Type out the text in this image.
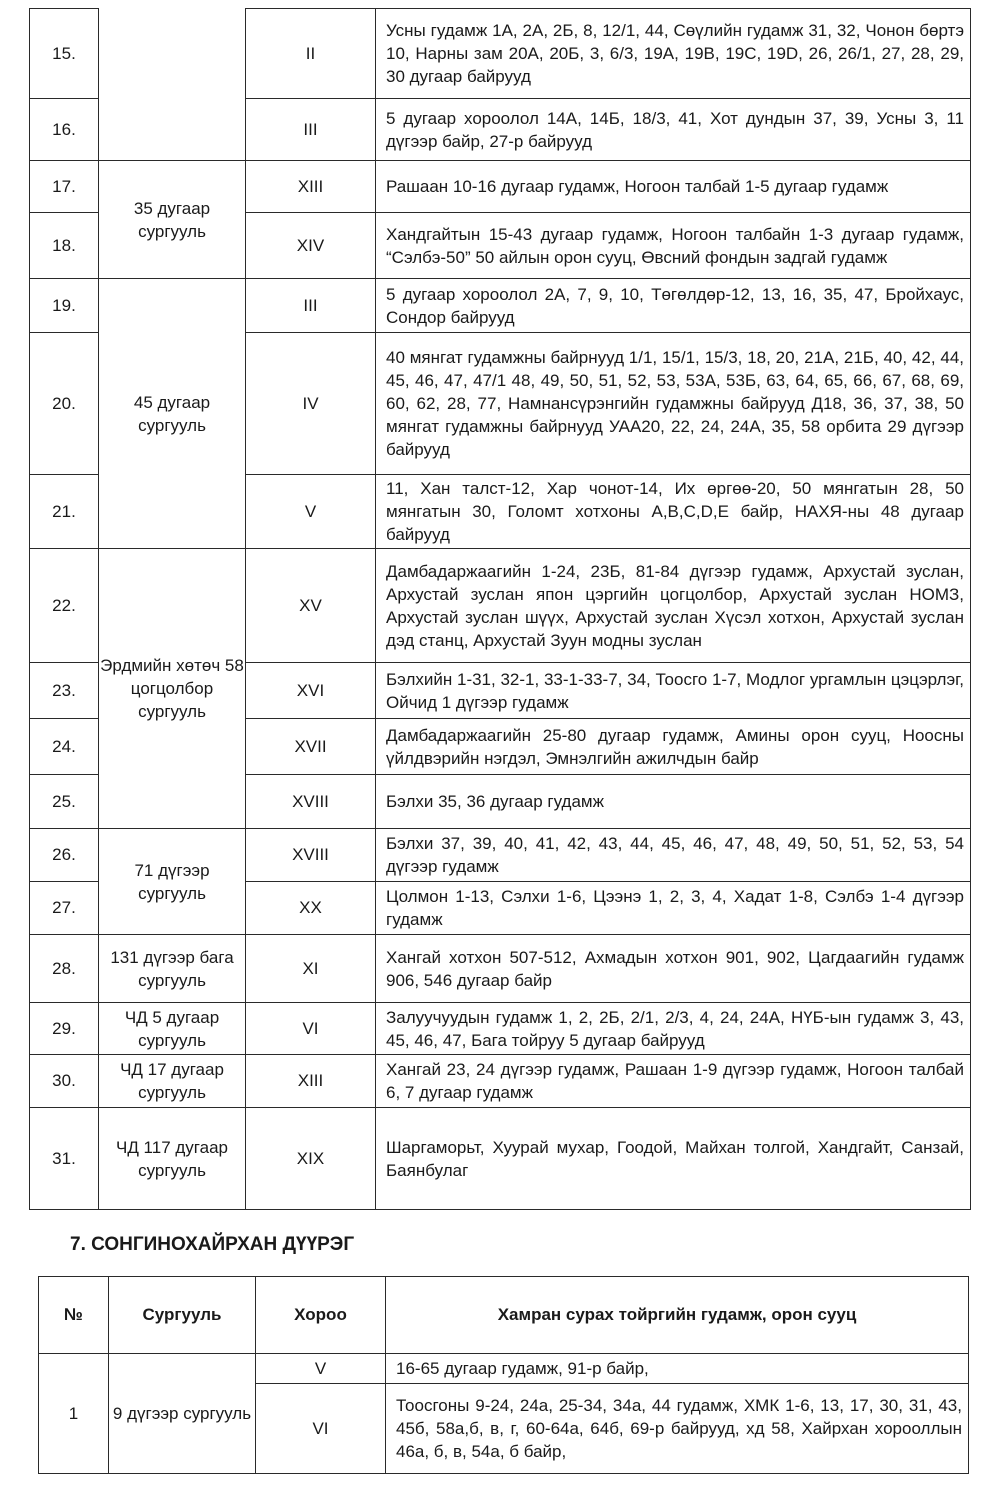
15.		II	Усны гудамж 1А, 2А, 2Б, 8, 12/1, 44, Сөүлийн гудамж 31, 32, Чонон бөртэ 10, Нарны зам 20А, 20Б, 3, 6/3, 19А, 19В, 19С, 19D, 26, 26/1, 27, 28, 29, 30 дугаар байрууд
16.		III	5 дугаар хороолол 14А, 14Б, 18/3, 41, Хот дундын 37, 39, Усны 3, 11 дүгээр байр, 27-р байрууд
17.	35 дугаар сургууль	XIII	Рашаан 10-16 дугаар гудамж, Ногоон талбай 1-5 дугаар гудамж
18.		XIV	Хандгайтын 15-43 дугаар гудамж, Ногоон талбайн 1-3 дугаар гудамж, “Сэлбэ-50” 50 айлын орон сууц, Өвсний фондын задгай гудамж
19.	45 дугаар сургууль	III	5 дугаар хороолол 2А, 7, 9, 10, Төгөлдөр-12, 13, 16, 35, 47, Бройхаус, Сондор байрууд
20.		IV	40 мянгат гудамжны байрнууд 1/1, 15/1, 15/3, 18, 20, 21А, 21Б, 40, 42, 44, 45, 46, 47, 47/1 48, 49, 50, 51, 52, 53, 53А, 53Б, 63, 64, 65, 66, 67, 68, 69, 60, 62, 28, 77, Намнансүрэнгийн гудамжны байрууд Д18, 36, 37, 38, 50 мянгат гудамжны байрнууд УАА20, 22, 24, 24А, 35, 58 орбита 29 дүгээр байрууд
21.		V	11, Хан талст-12, Хар чонот-14, Их өргөө-20, 50 мянгатын 28, 50 мянгатын 30, Голомт хотхоны A,B,C,D,E байр, НАХЯ-ны 48 дугаар байрууд
22.	Эрдмийн хөтөч 58 цогцолбор сургууль	XV	Дамбадаржаагийн 1-24, 23Б, 81-84 дүгээр гудамж, Архустай зуслан, Архустай зуслан япон цэргийн цогцолбор, Архустай зуслан НОМЗ, Архустай зуслан шүүх, Архустай зуслан Хүсэл хотхон, Архустай зуслан дэд станц, Архустай Зуун модны зуслан
23.		XVI	Бэлхийн 1-31, 32-1, 33-1-33-7, 34, Тоосго 1-7, Модлог ургамлын цэцэрлэг, Ойчид 1 дүгээр гудамж
24.		XVII	Дамбадаржаагийн 25-80 дугаар гудамж, Амины орон сууц, Ноосны үйлдвэрийн нэгдэл, Эмнэлгийн ажилчдын байр
25.		XVIII	Бэлхи 35, 36 дугаар гудамж
26.	71 дүгээр сургууль	XVIII	Бэлхи 37, 39, 40, 41, 42, 43, 44, 45, 46, 47, 48, 49, 50, 51, 52, 53, 54 дүгээр гудамж
27.		XX	Цолмон 1-13, Сэлхи 1-6, Цээнэ 1, 2, 3, 4, Хадат 1-8, Сэлбэ 1-4 дүгээр гудамж
28.	131 дүгээр бага сургууль	XI	Хангай хотхон 507-512, Ахмадын хотхон 901, 902, Цагдаагийн гудамж 906, 546 дугаар байр
29.	ЧД 5 дугаар сургууль	VI	Залуучуудын гудамж 1, 2, 2Б, 2/1, 2/3, 4, 24, 24А, НҮБ-ын гудамж 3, 43, 45, 46, 47, Бага тойруу 5 дугаар байрууд
30.	ЧД 17 дугаар сургууль	XIII	Хангай 23, 24 дүгээр гудамж, Рашаан 1-9 дүгээр гудамж, Ногоон талбай 6, 7 дугаар гудамж
31.	ЧД 117 дугаар сургууль	XIX	Шаргаморьт, Хуурай мухар, Гоодой, Майхан толгой, Хандгайт, Санзай, Баянбулаг
7. СОНГИНОХАЙРХАН ДҮҮРЭГ
№	Сургууль	Хороо	Хамран сурах тойргийн гудамж, орон сууц
1	9 дүгээр сургууль	V	16-65 дугаар гудамж, 91-р байр,
		VI	Тоосгоны 9-24, 24а, 25-34, 34а, 44 гудамж, ХМК 1-6, 13, 17, 30, 31, 43, 45б, 58а,б, в, г, 60-64а, 64б, 69-р байрууд, хд 58, Хайрхан хорооллын 46а, б, в, 54а, б байр,
